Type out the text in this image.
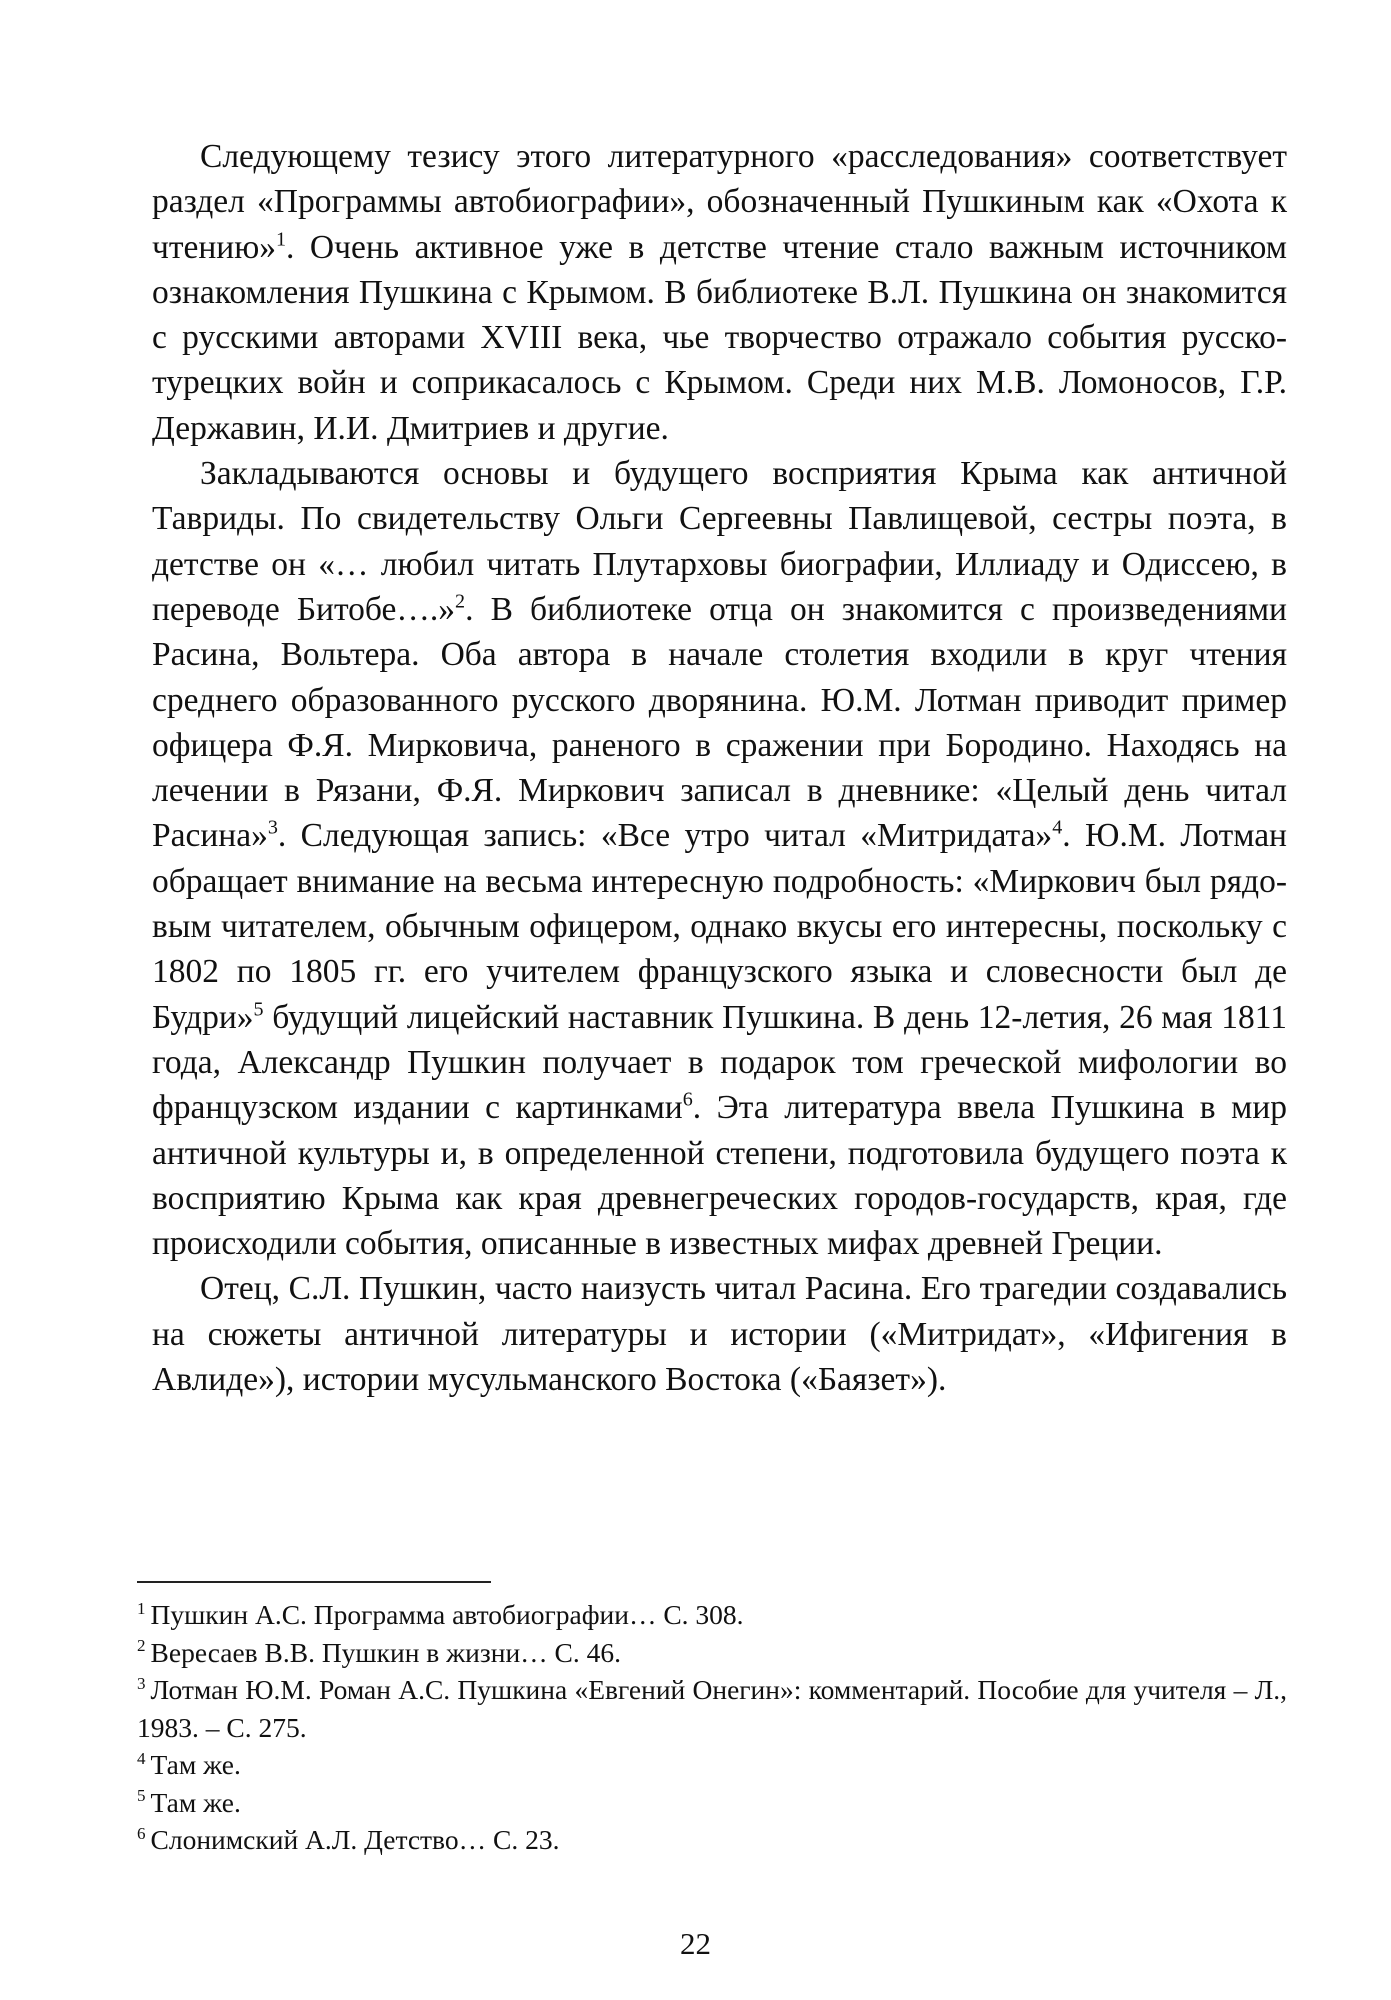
Следующему тезису этого литературного «расследования» соответствует раздел «Программы автобиографии», обозначенный Пушкиным как «Охота к чтению»$^1$. Очень активное уже в детстве чтение стало важным источником ознакомления Пушкина с Крымом. В библиотеке В.Л. Пушкина он знакомится с русскими авторами XVIII века, чье творчество отражало события русско-турецких войн и соприкасалось с Крымом. Среди них М.В. Ломоносов, Г.Р. Державин, И.И. Дмитриев и другие.

Закладываются основы и будущего восприятия Крыма как античной Тавриды. По свидетельству Ольги Сергеевны Павлищевой, сестры поэта, в детстве он «… любил читать Плутарховы биографии, Иллиаду и Одиссею, в переводе Битобе….»$^2$. В библиотеке отца он знакомится с произведениями Расина, Вольтера. Оба автора в начале столетия входили в круг чтения среднего образованного русского дворянина. Ю.М. Лотман приводит пример офицера Ф.Я. Мирковича, раненого в сражении при Бородино. Находясь на лечении в Рязани, Ф.Я. Миркович записал в дневнике: «Целый день читал Расина»$^3$. Следующая запись: «Все утро читал «Митридата»$^4$. Ю.М. Лотман обращает внимание на весьма интересную подробность: «Миркович был рядовым читателем, обычным офицером, однако вкусы его интересны, поскольку с 1802 по 1805 гг. его учителем французского языка и словесности был де Будри»$^5$ будущий лицейский наставник Пушкина. В день 12-летия, 26 мая 1811 года, Александр Пушкин получает в подарок том греческой мифологии во французском издании с картинками$^6$. Эта литература ввела Пушкина в мир античной культуры и, в определенной степени, подготовила будущего поэта к восприятию Крыма как края древнегреческих городов-государств, края, где происходили события, описанные в известных мифах древней Греции.

Отец, С.Л. Пушкин, часто наизусть читал Расина. Его трагедии создавались на сюжеты античной литературы и истории («Митридат», «Ифигения в Авлиде»), истории мусульманского Востока («Баязет»).

$^1$ Пушкин А.С. Программа автобиографии… С. 308.

$^2$ Вересаев В.В. Пушкин в жизни… С. 46.

$^3$ Лотман Ю.М. Роман А.С. Пушкина «Евгений Онегин»: комментарий. Пособие для учителя – Л., 1983. – С. 275.

$^4$ Там же.

$^5$ Там же.

$^6$ Слонимский А.Л. Детство… С. 23.

22
